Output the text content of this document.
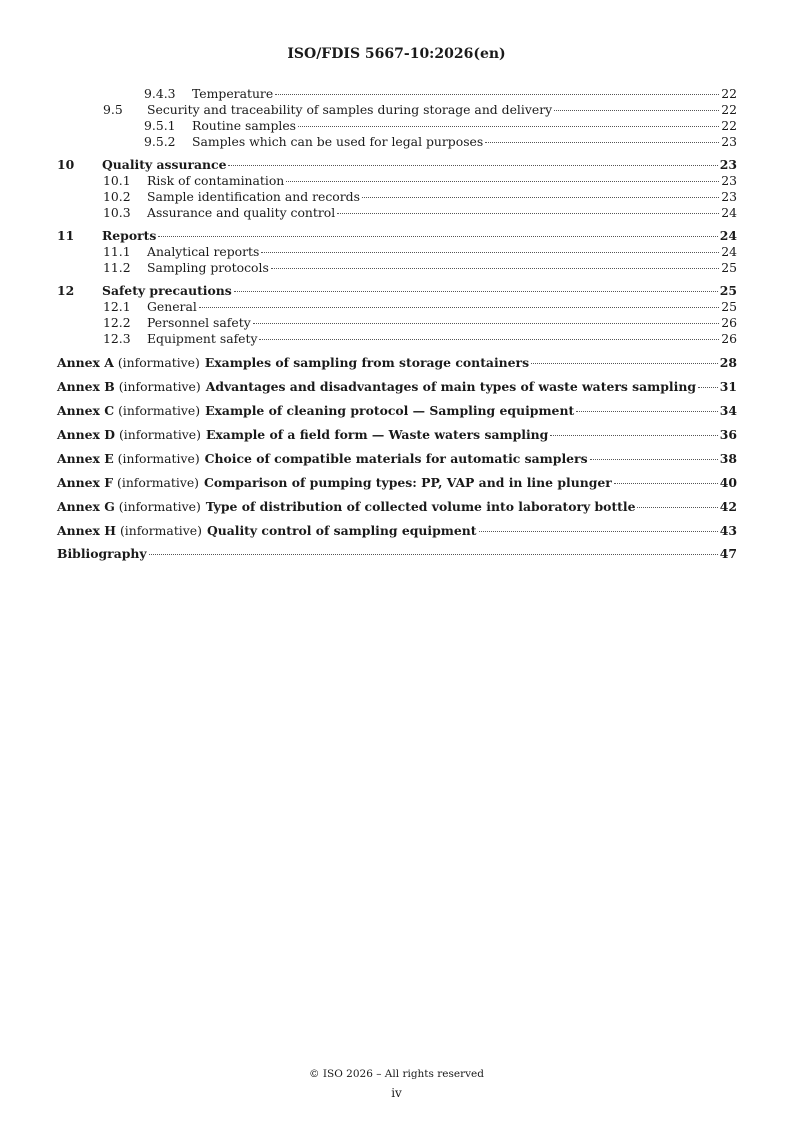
ISO/FDIS 5667-10:2026(en)
9.4.3	Temperature	22
9.5	Security and traceability of samples during storage and delivery	22
9.5.1	Routine samples	22
9.5.2	Samples which can be used for legal purposes	23
10	Quality assurance	23
10.1	Risk of contamination	23
10.2	Sample identification and records	23
10.3	Assurance and quality control	24
11	Reports	24
11.1	Analytical reports	24
11.2	Sampling protocols	25
12	Safety precautions	25
12.1	General	25
12.2	Personnel safety	26
12.3	Equipment safety	26
Annex A (informative) Examples of sampling from storage containers	28
Annex B (informative) Advantages and disadvantages of main types of waste waters sampling 31
Annex C (informative) Example of cleaning protocol — Sampling equipment	34
Annex D (informative) Example of a field form — Waste waters sampling	36
Annex E (informative) Choice of compatible materials for automatic samplers	38
Annex F (informative) Comparison of pumping types: PP, VAP and in line plunger	40
Annex G (informative) Type of distribution of collected volume into laboratory bottle	42
Annex H (informative) Quality control of sampling equipment	43
Bibliography	47
© ISO 2026 – All rights reserved
iv
